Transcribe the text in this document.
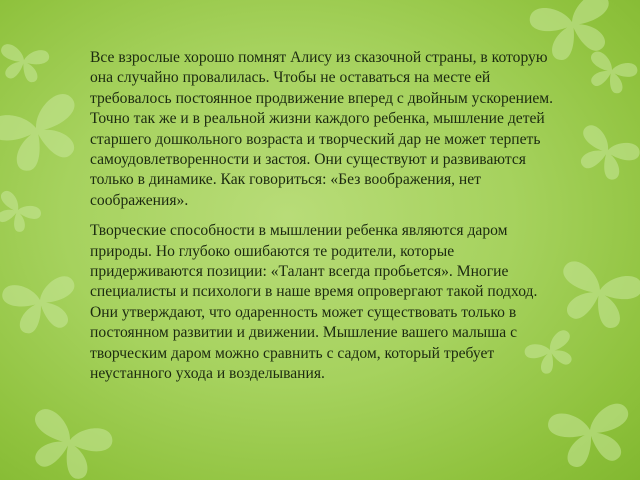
Все взрослые хорошо помнят Алису из сказочной страны, в которую она случайно провалилась. Чтобы не оставаться на месте ей требовалось постоянное продвижение вперед с двойным ускорением. Точно так же и в реальной жизни каждого ребенка, мышление детей старшего дошкольного возраста и творческий дар не может терпеть самоудовлетворенности и застоя. Они существуют и развиваются только в динамике. Как говориться: «Без воображения, нет соображения».

Творческие способности в мышлении ребенка являются даром природы. Но глубоко ошибаются те родители, которые придерживаются позиции: «Талант всегда пробьется». Многие специалисты и психологи в наше время опровергают такой подход. Они утверждают, что одаренность может существовать только в постоянном развитии и движении. Мышление вашего малыша с творческим даром можно сравнить с садом, который требует неустанного ухода и возделывания.
